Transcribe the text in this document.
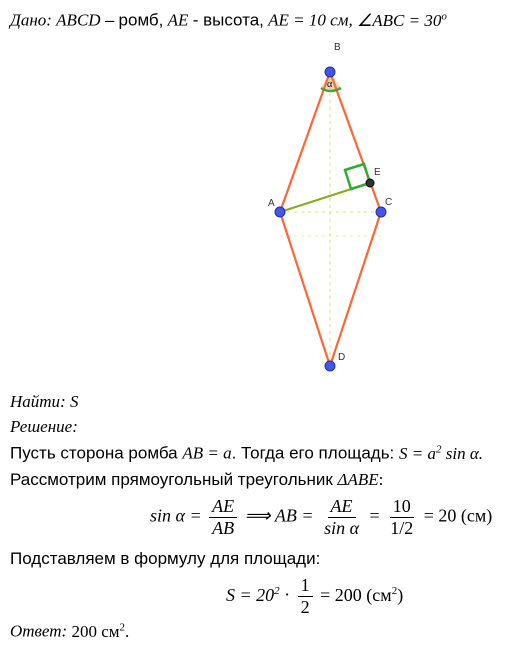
Дано: ABCD – ромб, AE - высота, AE = 10 см, ∠ABC = $30^o$
α
B
A	C
D
E
Найти: S
Решение:
Пусть сторона ромба AB = a. Тогда его площадь: $S = a^2$ sin α.
Рассмотрим прямоугольный треугольник ΔABE:
$\sin \alpha = \frac{AE}{AB}$ ⟹ AB = $\frac{AE}{\text{sin α}} = \frac{10}{1/2} = 20$ (см)
Подставляем в формулу для площади:
$S = 20^2 \cdot \frac{1}{2} = 200$ $(см^2)$
Ответ: 200 $см^2$.
